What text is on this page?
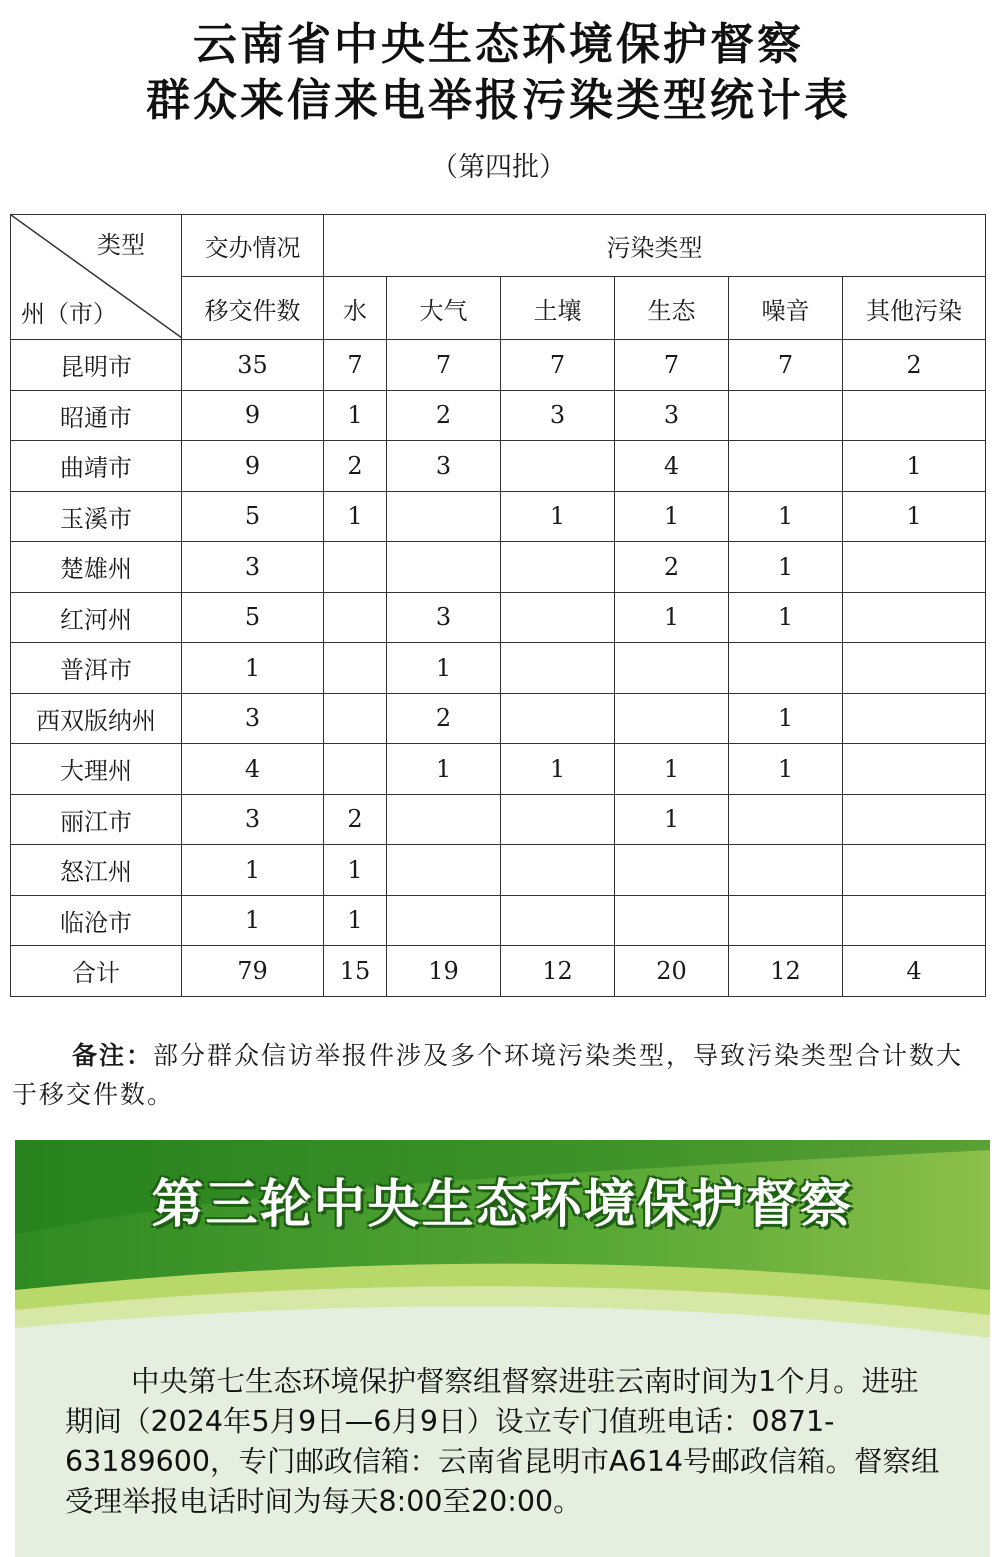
云南省中央生态环境保护督察
群众来信来电举报污染类型统计表
（第四批）
类型
州（市）	交办情况	污染类型					
	移交件数	水	大气	土壤	生态	噪音	其他污染
昆明市	35	7	7	7	7	7	2
昭通市	9	1	2	3	3		
曲靖市	9	2	3		4		1
玉溪市	5	1		1	1	1	1
楚雄州	3				2	1	
红河州	5		3		1	1	
普洱市	1		1				
西双版纳州	3		2			1	
大理州	4		1	1	1	1	
丽江市	3	2			1		
怒江州	1	1					
临沧市	1	1					
合计	79	15	19	12	20	12	4
备注：部分群众信访举报件涉及多个环境污染类型，导致污染类型合计数大于移交件数。
第三轮中央生态环境保护督察
中央第七生态环境保护督察组督察进驻云南时间为1个月。进驻期间（2024年5月9日—6月9日）设立专门值班电话：0871-63189600，专门邮政信箱：云南省昆明市A614号邮政信箱。督察组受理举报电话时间为每天8:00至20:00。
